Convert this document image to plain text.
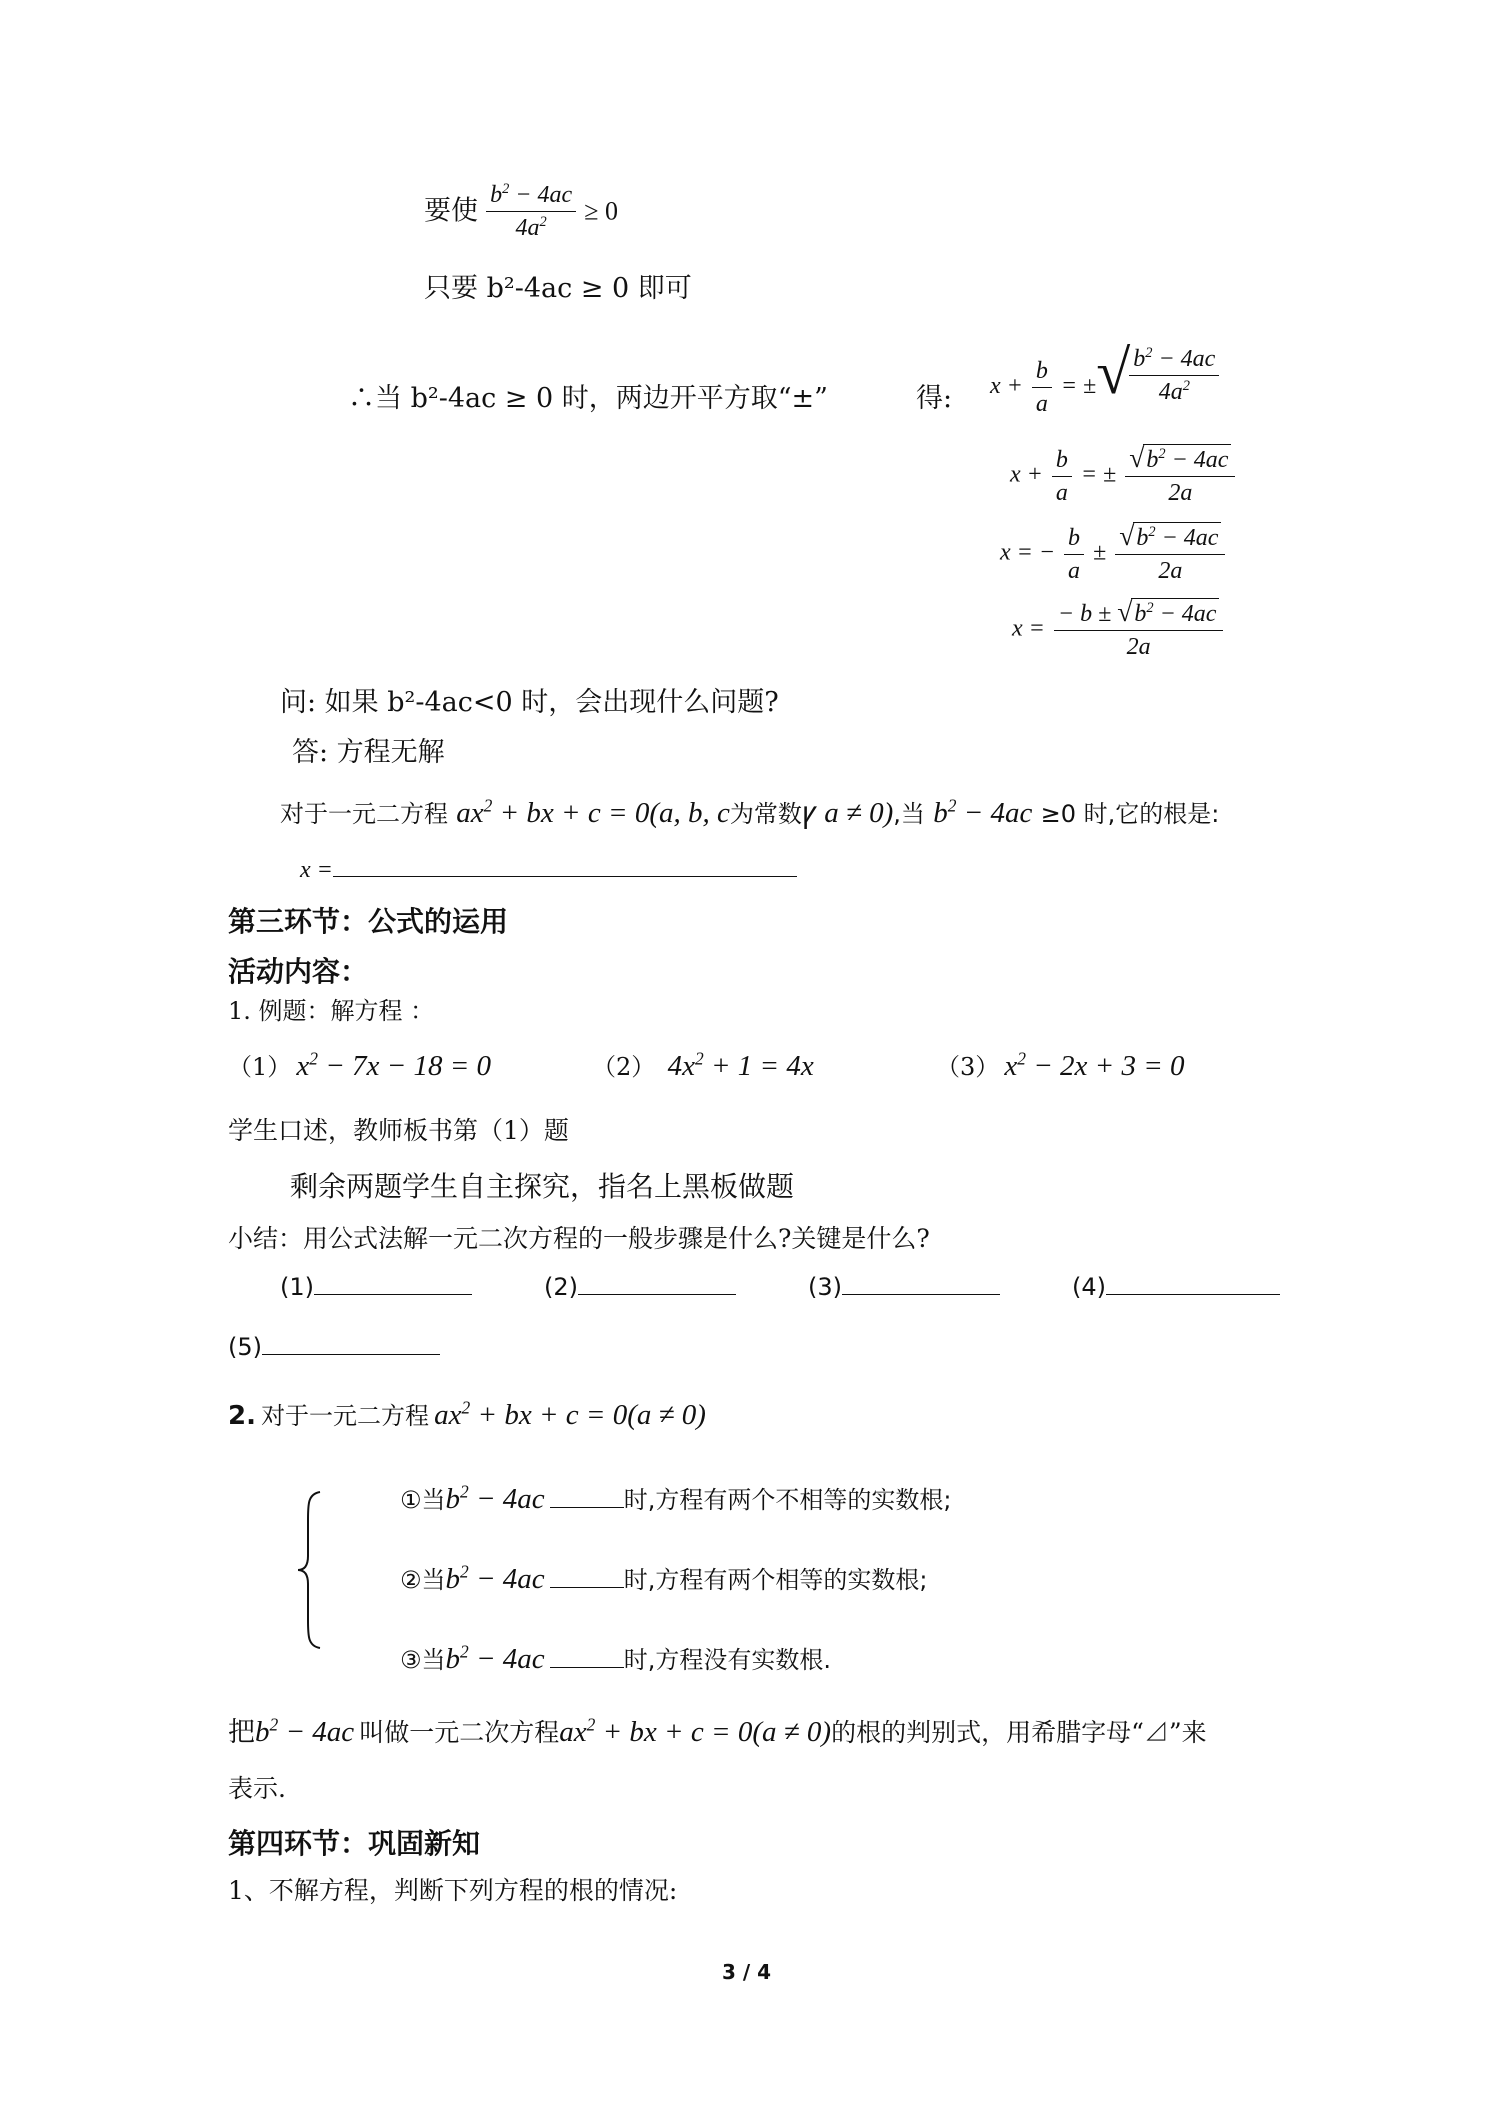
要使 $\frac{b^2 - 4ac}{4a^2} \ge 0$
只要 b²-4ac ≥ 0 即可
∴当 b²-4ac ≥ 0 时，两边开平方取“±”	得: $x + \frac{b}{a}$ = ± √ $\frac{b^2 - 4ac}{4a^2}$
$x + \frac{b}{a}$ = ± $\frac{√ b^2 - 4ac}{2a}$
x = − $\frac{b}{a} \pm \frac{√ b^2 - 4ac}{2a}$
$x = \frac{- b \pm √ b^2 - 4ac}{2a}$
问: 如果 b²-4ac<0 时，会出现什么问题?
答: 方程无解
对于一元二方程 $ax^2$ + bx + c = 0(a, b, c为常数ꝩ a ≠ 0),当 $b^2 - 4ac \ge 0$ 时,它的根是:
x =
第三环节：公式的运用
活动内容：
1. 例题：解方程 ：
（1） $x^2 - 7x - 18 = 0$	（2）  $4x^2 + 1 = 4x$	（3） $x^2 - 2x + 3 = 0$
学生口述，教师板书第（1）题
剩余两题学生自主探究，指名上黑板做题
小结：用公式法解一元二次方程的一般步骤是什么?关键是什么?
(1)	(2)	(3)	(4)
(5)
2. 对于一元二方程 $ax^2$ + bx + c = 0(a ≠ 0)
①当$b^2 - 4ac$	时,方程有两个不相等的实数根;
②当$b^2 - 4ac$	时,方程有两个相等的实数根;
③当$b^2 - 4ac$	时,方程没有实数根.
把$b^2 - 4ac$ 叫做一元二次方程$ax^2$ + bx + c = 0(a ≠ 0)的根的判别式，用希腊字母“⊿”来
表示.
第四环节：巩固新知
1、不解方程，判断下列方程的根的情况:
3 / 4
